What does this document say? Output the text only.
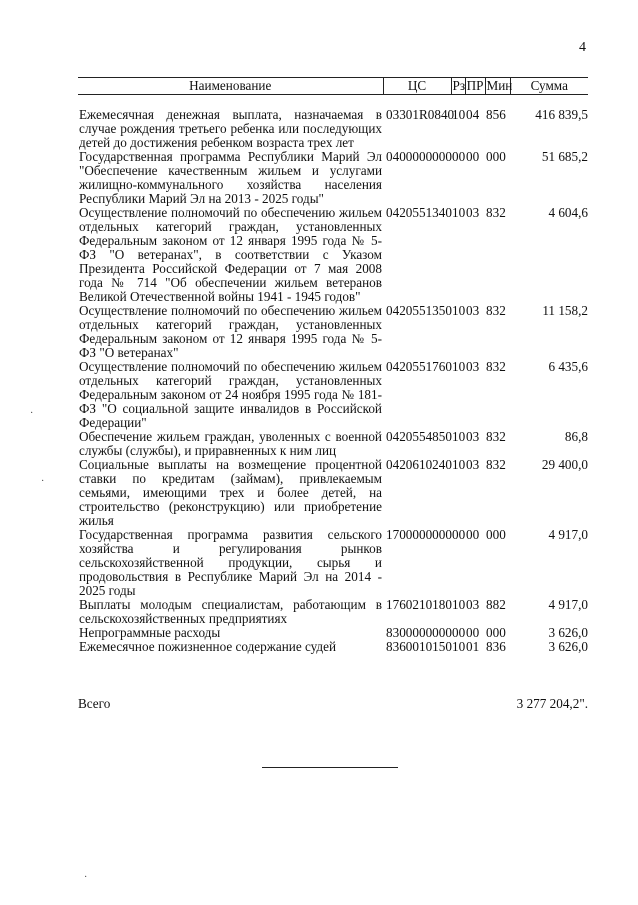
4
Наименование	ЦС	Рз	ПР	Мин	Сумма
Ежемесячная денежная выплата, назначаемая в случае рождения третьего ребенка или последующих детей до достижения ребенком возраста трех лет	03301R0840	10	04	856	416 839,5
Государственная программа Республики Марий Эл "Обеспечение качественным жильем и услугами жилищно-коммунального хозяйства населения Республики Марий Эл на 2013 - 2025 годы"	0400000000	00	00	000	51 685,2
Осуществление полномочий по обеспечению жильем отдельных категорий граждан, установленных Федеральным законом от 12 января 1995 года № 5-ФЗ "О ветеранах", в соответствии с Указом Президента Российской Федерации от 7 мая 2008 года № 714 "Об обеспечении жильем ветеранов Великой Отечественной войны 1941 - 1945 годов"	0420551340	10	03	832	4 604,6
Осуществление полномочий по обеспечению жильем отдельных категорий граждан, установленных Федеральным законом от 12 января 1995 года № 5-ФЗ "О ветеранах"	0420551350	10	03	832	11 158,2
Осуществление полномочий по обеспечению жильем отдельных категорий граждан, установленных Федеральным законом от 24 ноября 1995 года № 181-ФЗ "О социальной защите инвалидов в Российской Федерации"	0420551760	10	03	832	6 435,6
Обеспечение жильем граждан, уволенных с военной службы (службы), и приравненных к ним лиц	0420554850	10	03	832	86,8
Социальные выплаты на возмещение процентной ставки по кредитам (займам), привлекаемым семьями, имеющими трех и более детей, на строительство (реконструкцию) или приобретение жилья	0420610240	10	03	832	29 400,0
Государственная программа развития сельского хозяйства и регулирования рынков сельскохозяйственной продукции, сырья и продовольствия в Республике Марий Эл на 2014 - 2025 годы	1700000000	00	00	000	4 917,0
Выплаты молодым специалистам, работающим в сельскохозяйственных предприятиях	1760210180	10	03	882	4 917,0
Непрограммные расходы	8300000000	00	00	000	3 626,0
Ежемесячное пожизненное содержание судей	8360010150	10	01	836	3 626,0
Всего	3 277 204,2".
·
·
·
